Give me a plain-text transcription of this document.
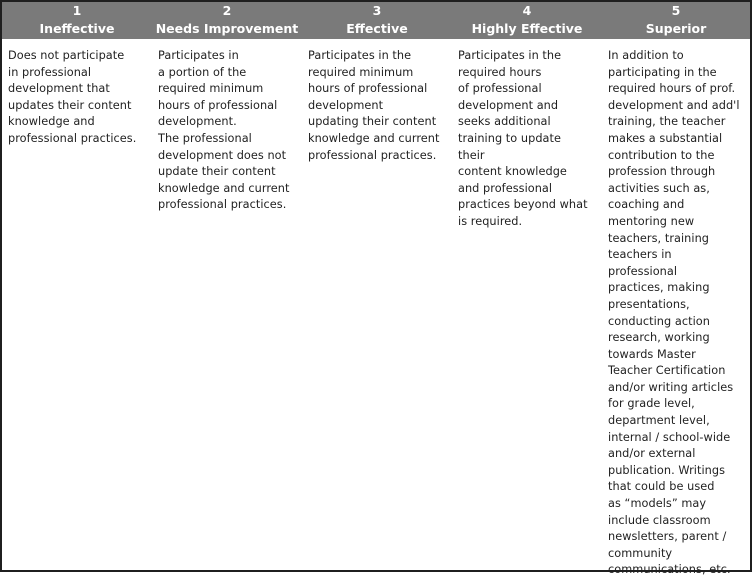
1
Ineffective
2
Needs Improvement
3
Effective
4
Highly Effective
5
Superior
Does not participate
in professional
development that
updates their content
knowledge and
professional practices.
Participates in
a portion of the
required minimum
hours of professional
development.
The professional
development does not
update their content
knowledge and current
professional practices.
Participates in the
required minimum
hours of professional
development
updating their content
knowledge and current
professional practices.
Participates in the
required hours
of professional
development and
seeks additional
training to update their
content knowledge
and professional
practices beyond what
is required.
In addition to
participating in the
required hours of prof.
development and add'l
training, the teacher
makes a substantial
contribution to the
profession through
activities such as,
coaching and
mentoring new
teachers, training
teachers in professional
practices, making
presentations,
conducting action
research, working
towards Master
Teacher Certification
and/or writing articles
for grade level,
department level,
internal / school-wide
and/or external
publication. Writings
that could be used
as “models” may
include classroom
newsletters, parent /
community
communications, etc.
